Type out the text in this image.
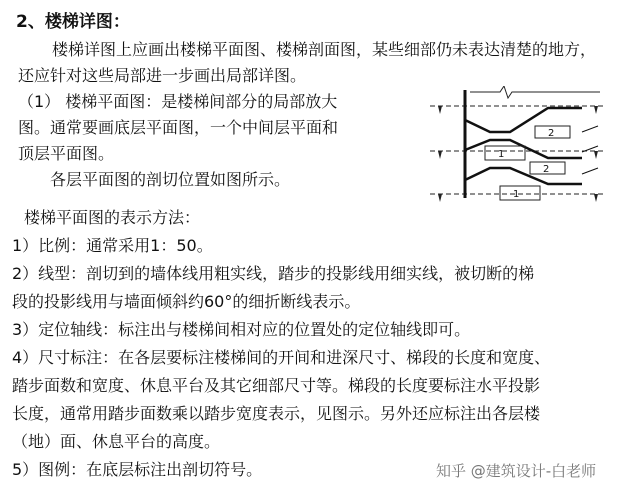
2、楼梯详图：
楼梯详图上应画出楼梯平面图、楼梯剖面图，某些细部仍未表达清楚的地方，
还应针对这些局部进一步画出局部详图。
（1） 楼梯平面图：是楼梯间部分的局部放大
图。通常要画底层平面图，一个中间层平面和
顶层平面图。
各层平面图的剖切位置如图所示。
楼梯平面图的表示方法：
1）比例：通常采用1：50。
2）线型：剖切到的墙体线用粗实线，踏步的投影线用细实线，被切断的梯
段的投影线用与墙面倾斜约60°的细折断线表示。
3）定位轴线：标注出与楼梯间相对应的位置处的定位轴线即可。
4）尺寸标注：在各层要标注楼梯间的开间和进深尺寸、梯段的长度和宽度、
踏步面数和宽度、休息平台及其它细部尺寸等。梯段的长度要标注水平投影
长度，通常用踏步面数乘以踏步宽度表示，见图示。另外还应标注出各层楼
（地）面、休息平台的高度。
5）图例：在底层标注出剖切符号。
2
1
2
1
知乎 @建筑设计-白老师
